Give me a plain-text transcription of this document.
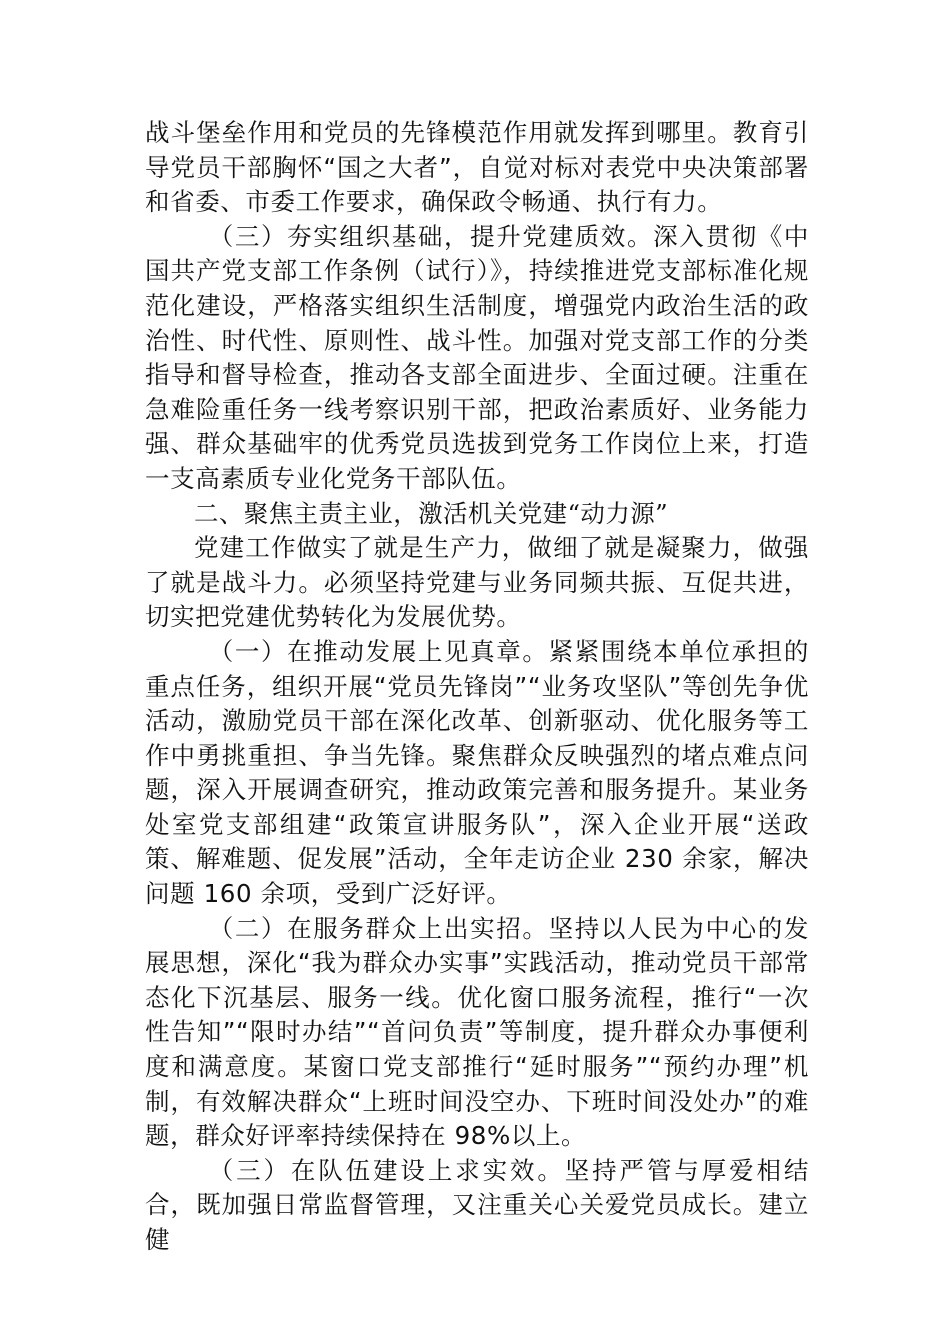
战斗堡垒作用和党员的先锋模范作用就发挥到哪里。教育引导党员干部胸怀“国之大者”，自觉对标对表党中央决策部署和省委、市委工作要求，确保政令畅通、执行有力。

（三）夯实组织基础，提升党建质效。深入贯彻《中国共产党支部工作条例（试行）》，持续推进党支部标准化规范化建设，严格落实组织生活制度，增强党内政治生活的政治性、时代性、原则性、战斗性。加强对党支部工作的分类指导和督导检查，推动各支部全面进步、全面过硬。注重在急难险重任务一线考察识别干部，把政治素质好、业务能力强、群众基础牢的优秀党员选拔到党务工作岗位上来，打造一支高素质专业化党务干部队伍。

二、聚焦主责主业，激活机关党建“动力源”

党建工作做实了就是生产力，做细了就是凝聚力，做强了就是战斗力。必须坚持党建与业务同频共振、互促共进，切实把党建优势转化为发展优势。

（一）在推动发展上见真章。紧紧围绕本单位承担的重点任务，组织开展“党员先锋岗”“业务攻坚队”等创先争优活动，激励党员干部在深化改革、创新驱动、优化服务等工作中勇挑重担、争当先锋。聚焦群众反映强烈的堵点难点问题，深入开展调查研究，推动政策完善和服务提升。某业务处室党支部组建“政策宣讲服务队”，深入企业开展“送政策、解难题、促发展”活动，全年走访企业 230 余家，解决问题 160 余项，受到广泛好评。

（二）在服务群众上出实招。坚持以人民为中心的发展思想，深化“我为群众办实事”实践活动，推动党员干部常态化下沉基层、服务一线。优化窗口服务流程，推行“一次性告知”“限时办结”“首问负责”等制度，提升群众办事便利度和满意度。某窗口党支部推行“延时服务”“预约办理”机制，有效解决群众“上班时间没空办、下班时间没处办”的难题，群众好评率持续保持在 98%以上。

（三）在队伍建设上求实效。坚持严管与厚爱相结合，既加强日常监督管理，又注重关心关爱党员成长。建立健
